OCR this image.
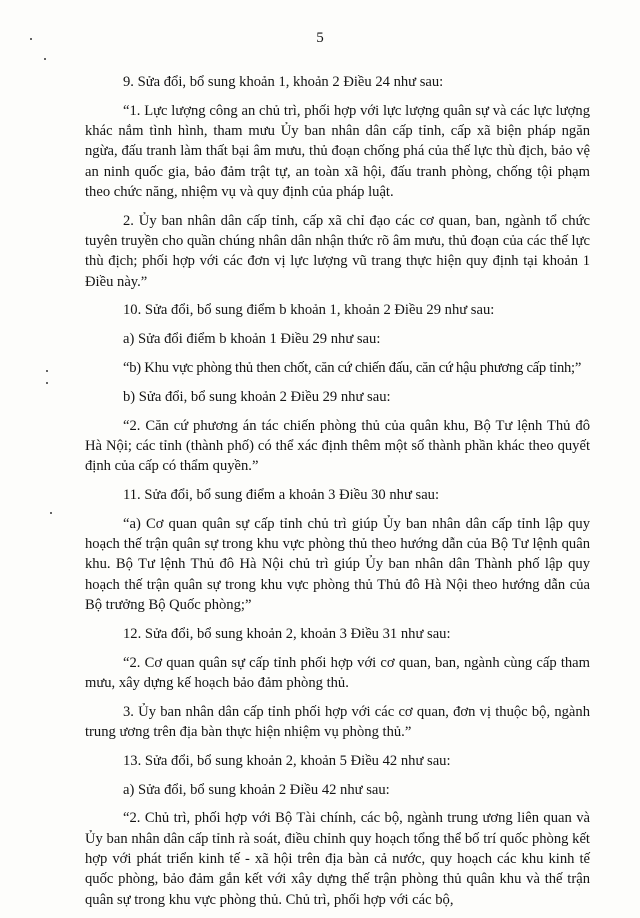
5

9. Sửa đổi, bổ sung khoản 1, khoản 2 Điều 24 như sau:

“1. Lực lượng công an chủ trì, phối hợp với lực lượng quân sự và các lực lượng khác nắm tình hình, tham mưu Ủy ban nhân dân cấp tỉnh, cấp xã biện pháp ngăn ngừa, đấu tranh làm thất bại âm mưu, thủ đoạn chống phá của thế lực thù địch, bảo vệ an ninh quốc gia, bảo đảm trật tự, an toàn xã hội, đấu tranh phòng, chống tội phạm theo chức năng, nhiệm vụ và quy định của pháp luật.

2. Ủy ban nhân dân cấp tỉnh, cấp xã chỉ đạo các cơ quan, ban, ngành tổ chức tuyên truyền cho quần chúng nhân dân nhận thức rõ âm mưu, thủ đoạn của các thế lực thù địch; phối hợp với các đơn vị lực lượng vũ trang thực hiện quy định tại khoản 1 Điều này.”

10. Sửa đổi, bổ sung điểm b khoản 1, khoản 2 Điều 29 như sau:

a) Sửa đổi điểm b khoản 1 Điều 29 như sau:

“b) Khu vực phòng thủ then chốt, căn cứ chiến đấu, căn cứ hậu phương cấp tỉnh;”

b) Sửa đổi, bổ sung khoản 2 Điều 29 như sau:

“2. Căn cứ phương án tác chiến phòng thủ của quân khu, Bộ Tư lệnh Thủ đô Hà Nội; các tỉnh (thành phố) có thể xác định thêm một số thành phần khác theo quyết định của cấp có thẩm quyền.”

11. Sửa đổi, bổ sung điểm a khoản 3 Điều 30 như sau:

“a) Cơ quan quân sự cấp tỉnh chủ trì giúp Ủy ban nhân dân cấp tỉnh lập quy hoạch thế trận quân sự trong khu vực phòng thủ theo hướng dẫn của Bộ Tư lệnh quân khu. Bộ Tư lệnh Thủ đô Hà Nội chủ trì giúp Ủy ban nhân dân Thành phố lập quy hoạch thế trận quân sự trong khu vực phòng thủ Thủ đô Hà Nội theo hướng dẫn của Bộ trưởng Bộ Quốc phòng;”

12. Sửa đổi, bổ sung khoản 2, khoản 3 Điều 31 như sau:

“2. Cơ quan quân sự cấp tỉnh phối hợp với cơ quan, ban, ngành cùng cấp tham mưu, xây dựng kế hoạch bảo đảm phòng thủ.

3. Ủy ban nhân dân cấp tỉnh phối hợp với các cơ quan, đơn vị thuộc bộ, ngành trung ương trên địa bàn thực hiện nhiệm vụ phòng thủ.”

13. Sửa đổi, bổ sung khoản 2, khoản 5 Điều 42 như sau:

a) Sửa đổi, bổ sung khoản 2 Điều 42 như sau:

“2. Chủ trì, phối hợp với Bộ Tài chính, các bộ, ngành trung ương liên quan và Ủy ban nhân dân cấp tỉnh rà soát, điều chỉnh quy hoạch tổng thể bố trí quốc phòng kết hợp với phát triển kinh tế - xã hội trên địa bàn cả nước, quy hoạch các khu kinh tế quốc phòng, bảo đảm gắn kết với xây dựng thế trận phòng thủ quân khu và thế trận quân sự trong khu vực phòng thủ. Chủ trì, phối hợp với các bộ,
